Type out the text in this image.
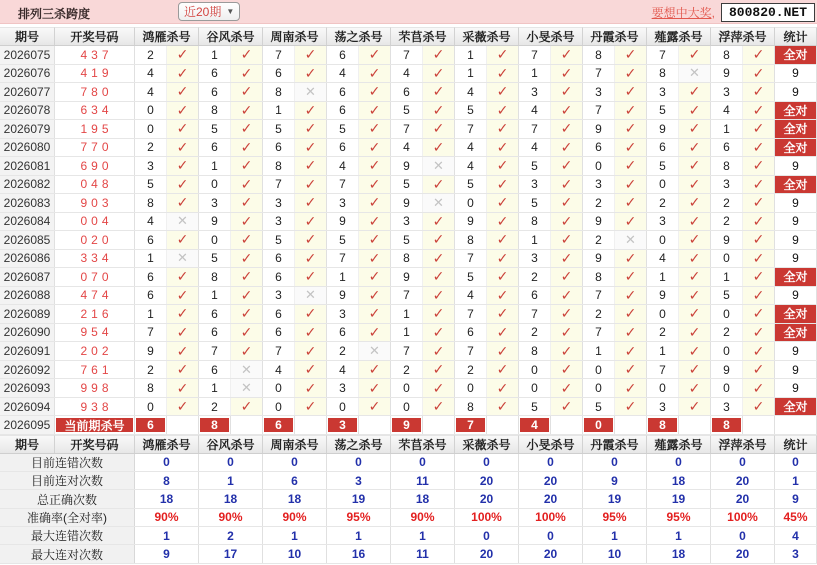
排列三杀跨度	近20期 ▼	要想中大奖,	800820.NET
期号	开奖号码	鸿雁杀号	谷风杀号	周南杀号	荡之杀号	芣苢杀号	采薇杀号	小旻杀号	丹霞杀号	薤露杀号	浮萍杀号	统计
2026075	437	2	✓	1	✓	7	✓	6	✓	7	✓	1	✓	7	✓	8	✓	7	✓	8	✓	全对
2026076	419	4	✓	6	✓	6	✓	4	✓	4	✓	1	✓	1	✓	7	✓	8	✕	9	✓	9
2026077	780	4	✓	6	✓	8	✕	6	✓	6	✓	4	✓	3	✓	3	✓	3	✓	3	✓	9
2026078	634	0	✓	8	✓	1	✓	6	✓	5	✓	5	✓	4	✓	7	✓	5	✓	4	✓	全对
2026079	195	0	✓	5	✓	5	✓	5	✓	7	✓	7	✓	7	✓	9	✓	9	✓	1	✓	全对
2026080	770	2	✓	6	✓	6	✓	6	✓	4	✓	4	✓	4	✓	6	✓	6	✓	6	✓	全对
2026081	690	3	✓	1	✓	8	✓	4	✓	9	✕	4	✓	5	✓	0	✓	5	✓	8	✓	9
2026082	048	5	✓	0	✓	7	✓	7	✓	5	✓	5	✓	3	✓	3	✓	0	✓	3	✓	全对
2026083	903	8	✓	3	✓	3	✓	3	✓	9	✕	0	✓	5	✓	2	✓	2	✓	2	✓	9
2026084	004	4	✕	9	✓	3	✓	9	✓	3	✓	9	✓	8	✓	9	✓	3	✓	2	✓	9
2026085	020	6	✓	0	✓	5	✓	5	✓	5	✓	8	✓	1	✓	2	✕	0	✓	9	✓	9
2026086	334	1	✕	5	✓	6	✓	7	✓	8	✓	7	✓	3	✓	9	✓	4	✓	0	✓	9
2026087	070	6	✓	8	✓	6	✓	1	✓	9	✓	5	✓	2	✓	8	✓	1	✓	1	✓	全对
2026088	474	6	✓	1	✓	3	✕	9	✓	7	✓	4	✓	6	✓	7	✓	9	✓	5	✓	9
2026089	216	1	✓	6	✓	6	✓	3	✓	1	✓	7	✓	7	✓	2	✓	0	✓	0	✓	全对
2026090	954	7	✓	6	✓	6	✓	6	✓	1	✓	6	✓	2	✓	7	✓	2	✓	2	✓	全对
2026091	202	9	✓	7	✓	7	✓	2	✕	7	✓	7	✓	8	✓	1	✓	1	✓	0	✓	9
2026092	761	2	✓	6	✕	4	✓	4	✓	2	✓	2	✓	0	✓	0	✓	7	✓	9	✓	9
2026093	998	8	✓	1	✕	0	✓	3	✓	0	✓	0	✓	0	✓	0	✓	0	✓	0	✓	9
2026094	938	0	✓	2	✓	0	✓	0	✓	0	✓	8	✓	5	✓	5	✓	3	✓	3	✓	全对
2026095	当前期杀号	6	8	6	3	9	7	4	0	8	8
期号	开奖号码	鸿雁杀号	谷风杀号	周南杀号	荡之杀号	芣苢杀号	采薇杀号	小旻杀号	丹霞杀号	薤露杀号	浮萍杀号	统计
目前连错次数	0	0	0	0	0	0	0	0	0	0	0
目前连对次数	8	1	6	3	11	20	20	9	18	20	1
总正确次数	18	18	18	19	18	20	20	19	19	20	9
准确率(全对率)	90%	90%	90%	95%	90%	100%	100%	95%	95%	100%	45%
最大连错次数	1	2	1	1	1	0	0	1	1	0	4
最大连对次数	9	17	10	16	11	20	20	10	18	20	3
